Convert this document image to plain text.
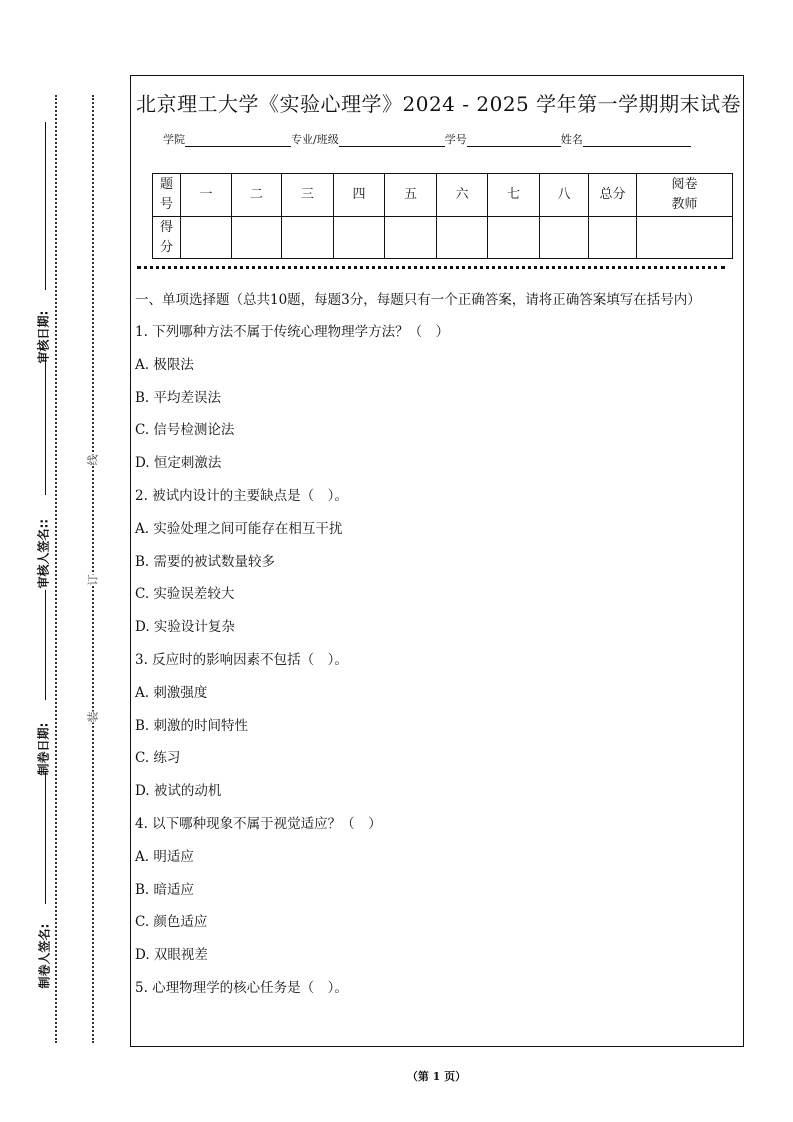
审核日期:
审核人签名::
制卷日期:
制卷人签名:
线
订
装
北京理工大学《实验心理学》2024 - 2025 学年第一学期期末试卷
学院	专业/班级	学号	姓名
题号	一	二	三	四	五	六	七	八	总分	阅卷教师
得分										
一、单项选择题（总共10题，每题3分，每题只有一个正确答案，请将正确答案填写在括号内）
1. 下列哪种方法不属于传统心理物理学方法？（　）
A. 极限法
B. 平均差误法
C. 信号检测论法
D. 恒定刺激法
2. 被试内设计的主要缺点是（　）。
A. 实验处理之间可能存在相互干扰
B. 需要的被试数量较多
C. 实验误差较大
D. 实验设计复杂
3. 反应时的影响因素不包括（　）。
A. 刺激强度
B. 刺激的时间特性
C. 练习
D. 被试的动机
4. 以下哪种现象不属于视觉适应？（　）
A. 明适应
B. 暗适应
C. 颜色适应
D. 双眼视差
5. 心理物理学的核心任务是（　）。
（第 1 页）
